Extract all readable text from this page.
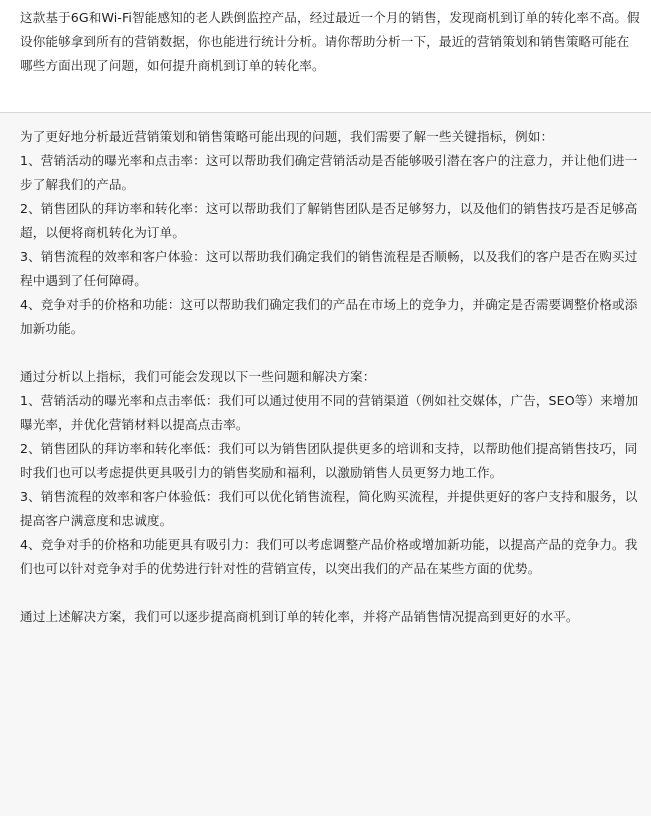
这款基于6G和Wi-Fi智能感知的老人跌倒监控产品，经过最近一个月的销售，发现商机到订单的转化率不高。假设你能够拿到所有的营销数据，你也能进行统计分析。请你帮助分析一下，最近的营销策划和销售策略可能在哪些方面出现了问题，如何提升商机到订单的转化率。

为了更好地分析最近营销策划和销售策略可能出现的问题，我们需要了解一些关键指标，例如：

1、营销活动的曝光率和点击率：这可以帮助我们确定营销活动是否能够吸引潜在客户的注意力，并让他们进一步了解我们的产品。

2、销售团队的拜访率和转化率：这可以帮助我们了解销售团队是否足够努力，以及他们的销售技巧是否足够高超，以便将商机转化为订单。

3、销售流程的效率和客户体验：这可以帮助我们确定我们的销售流程是否顺畅，以及我们的客户是否在购买过程中遇到了任何障碍。

4、竞争对手的价格和功能：这可以帮助我们确定我们的产品在市场上的竞争力，并确定是否需要调整价格或添加新功能。

通过分析以上指标，我们可能会发现以下一些问题和解决方案：

1、营销活动的曝光率和点击率低：我们可以通过使用不同的营销渠道（例如社交媒体，广告，SEO等）来增加曝光率，并优化营销材料以提高点击率。

2、销售团队的拜访率和转化率低：我们可以为销售团队提供更多的培训和支持，以帮助他们提高销售技巧，同时我们也可以考虑提供更具吸引力的销售奖励和福利，以激励销售人员更努力地工作。

3、销售流程的效率和客户体验低：我们可以优化销售流程，简化购买流程，并提供更好的客户支持和服务，以提高客户满意度和忠诚度。

4、竞争对手的价格和功能更具有吸引力：我们可以考虑调整产品价格或增加新功能，以提高产品的竞争力。我们也可以针对竞争对手的优势进行针对性的营销宣传，以突出我们的产品在某些方面的优势。

通过上述解决方案，我们可以逐步提高商机到订单的转化率，并将产品销售情况提高到更好的水平。
